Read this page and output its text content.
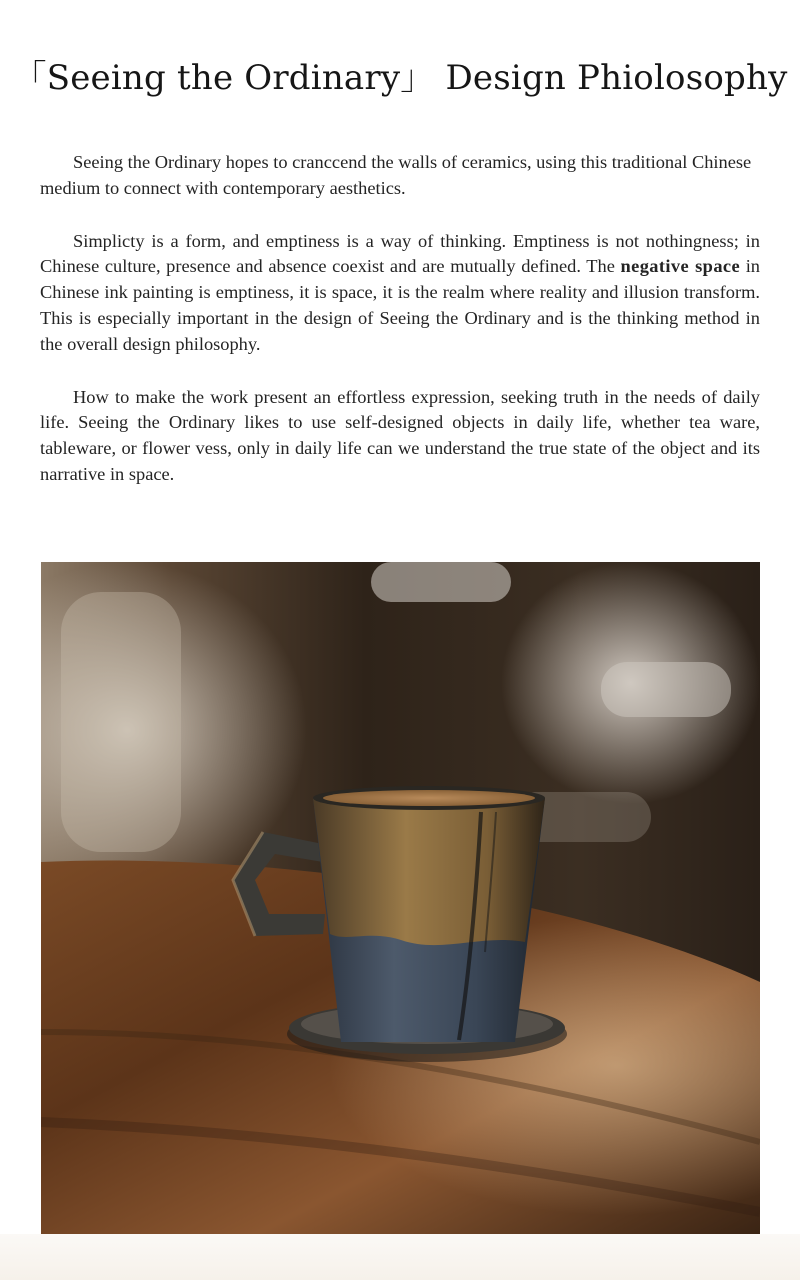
「Seeing the Ordinary」 Design Phiolosophy

Seeing the Ordinary hopes to cranccend the walls of ceramics, using this traditional Chinese medium to connect with contemporary aesthetics.

Simplicty is a form, and emptiness is a way of thinking. Emptiness is not nothingness; in Chinese culture, presence and absence coexist and are mutually defined. The negative space in Chinese ink painting is emptiness, it is space, it is the realm where reality and illusion transform. This is especially important in the design of Seeing the Ordinary and is the thinking method in the overall design philosophy.

How to make the work present an effortless expression, seeking truth in the needs of daily life. Seeing the Ordinary likes to use self-designed objects in daily life, whether tea ware, tableware, or flower vess, only in daily life can we understand the true state of the object and its narrative in space.
